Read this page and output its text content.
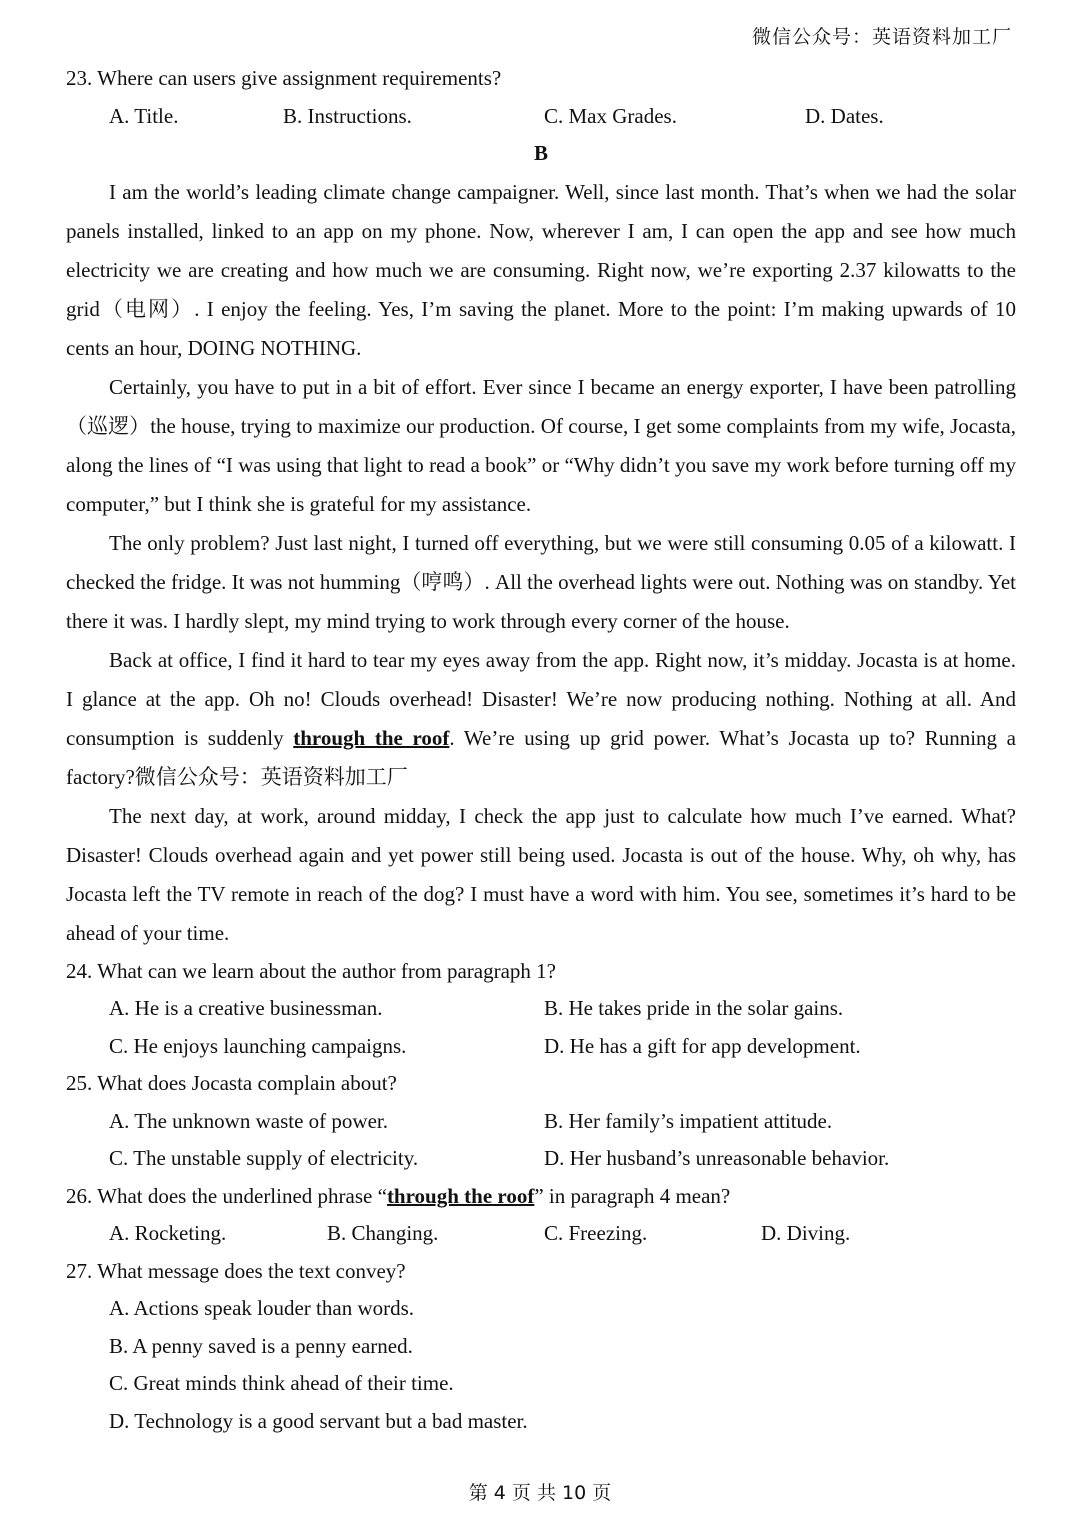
微信公众号：英语资料加工厂

23. Where can users give assignment requirements?

A. Title.	B. Instructions.	C. Max Grades.	D. Dates.
B

I am the world’s leading climate change campaigner. Well, since last month. That’s when we had the solar panels installed, linked to an app on my phone. Now, wherever I am, I can open the app and see how much electricity we are creating and how much we are consuming. Right now, we’re exporting 2.37 kilowatts to the grid（电网）. I enjoy the feeling. Yes, I’m saving the planet. More to the point: I’m making upwards of 10 cents an hour, DOING NOTHING.

Certainly, you have to put in a bit of effort. Ever since I became an energy exporter, I have been patrolling（巡逻）the house, trying to maximize our production. Of course, I get some complaints from my wife, Jocasta, along the lines of “I was using that light to read a book” or “Why didn’t you save my work before turning off my computer,” but I think she is grateful for my assistance.

The only problem? Just last night, I turned off everything, but we were still consuming 0.05 of a kilowatt. I checked the fridge. It was not humming（哼鸣）. All the overhead lights were out. Nothing was on standby. Yet there it was. I hardly slept, my mind trying to work through every corner of the house.

Back at office, I find it hard to tear my eyes away from the app. Right now, it’s midday. Jocasta is at home. I glance at the app. Oh no! Clouds overhead! Disaster! We’re now producing nothing. Nothing at all. And consumption is suddenly through the roof. We’re using up grid power. What’s Jocasta up to? Running a factory?微信公众号：英语资料加工厂

The next day, at work, around midday, I check the app just to calculate how much I’ve earned. What? Disaster! Clouds overhead again and yet power still being used. Jocasta is out of the house. Why, oh why, has Jocasta left the TV remote in reach of the dog? I must have a word with him. You see, sometimes it’s hard to be ahead of your time.

24. What can we learn about the author from paragraph 1?

A. He is a creative businessman.	B. He takes pride in the solar gains.
C. He enjoys launching campaigns.	D. He has a gift for app development.

25. What does Jocasta complain about?

A. The unknown waste of power.	B. Her family’s impatient attitude.
C. The unstable supply of electricity.	D. Her husband’s unreasonable behavior.

26. What does the underlined phrase “through the roof” in paragraph 4 mean?

A. Rocketing.	B. Changing.	C. Freezing.	D. Diving.

27. What message does the text convey?

A. Actions speak louder than words.
B. A penny saved is a penny earned.
C. Great minds think ahead of their time.
D. Technology is a good servant but a bad master.
第 4 页 共 10 页
